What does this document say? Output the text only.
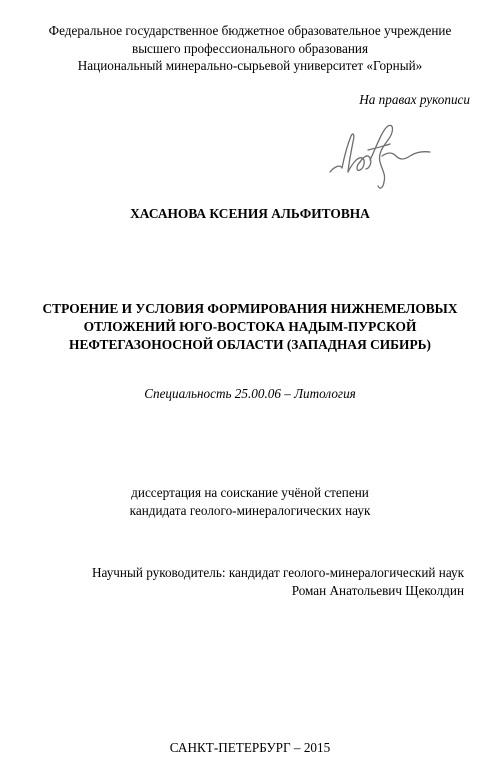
Федеральное государственное бюджетное образовательное учреждение
высшего профессионального образования
Национальный минерально-сырьевой университет «Горный»
На правах рукописи
ХАСАНОВА КСЕНИЯ АЛЬФИТОВНА
СТРОЕНИЕ И УСЛОВИЯ ФОРМИРОВАНИЯ НИЖНЕМЕЛОВЫХ
ОТЛОЖЕНИЙ ЮГО-ВОСТОКА НАДЫМ-ПУРСКОЙ
НЕФТЕГАЗОНОСНОЙ ОБЛАСТИ (ЗАПАДНАЯ СИБИРЬ)
Специальность 25.00.06 – Литология
диссертация на соискание учёной степени
кандидата геолого-минералогических наук
Научный руководитель: кандидат геолого-минералогический наук
Роман Анатольевич Щеколдин
САНКТ-ПЕТЕРБУРГ – 2015
